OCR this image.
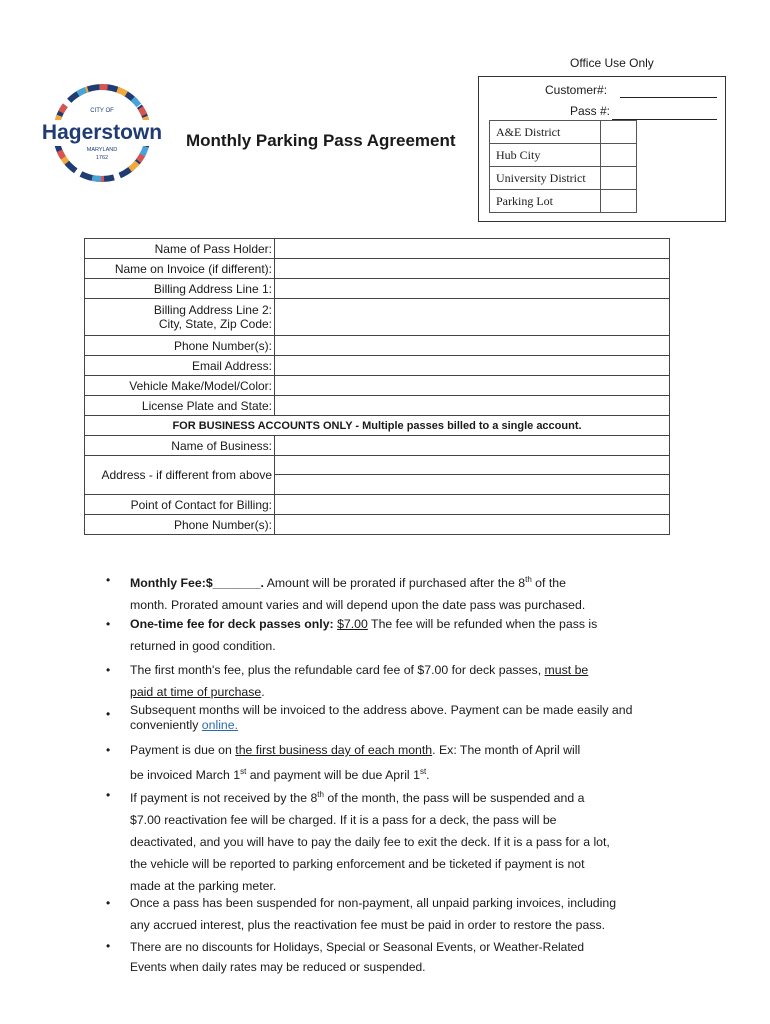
Office Use Only
Customer#:
Pass #:
A&E District	
Hub City	
University District	
Parking Lot	
CITY OF
Hagerstown
MARYLAND
1762
Monthly Parking Pass Agreement
Name of Pass Holder:	
Name on Invoice (if different):	
Billing Address Line 1:	
Billing Address Line 2:
City, State, Zip Code:	
Phone Number(s):	
Email Address:	
Vehicle Make/Model/Color:	
License Plate and State:	
FOR BUSINESS ACCOUNTS ONLY - Multiple passes billed to a single account.	
Name of Business:	
Address - if different from above	

Point of Contact for Billing:	
Phone Number(s):	
• Monthly Fee:$_______. Amount will be prorated if purchased after the 8th of the
month. Prorated amount varies and will depend upon the date pass was purchased.
• One-time fee for deck passes only: $7.00 The fee will be refunded when the pass is
returned in good condition.
• The first month's fee, plus the refundable card fee of $7.00 for deck passes, must be
paid at time of purchase.
• Subsequent months will be invoiced to the address above. Payment can be made easily and
conveniently online.
• Payment is due on the first business day of each month. Ex: The month of April will
be invoiced March 1st and payment will be due April 1st.
• If payment is not received by the 8th of the month, the pass will be suspended and a
$7.00 reactivation fee will be charged. If it is a pass for a deck, the pass will be
deactivated, and you will have to pay the daily fee to exit the deck. If it is a pass for a lot,
the vehicle will be reported to parking enforcement and be ticketed if payment is not
made at the parking meter.
• Once a pass has been suspended for non-payment, all unpaid parking invoices, including
any accrued interest, plus the reactivation fee must be paid in order to restore the pass.
• There are no discounts for Holidays, Special or Seasonal Events, or Weather-Related
Events when daily rates may be reduced or suspended.
